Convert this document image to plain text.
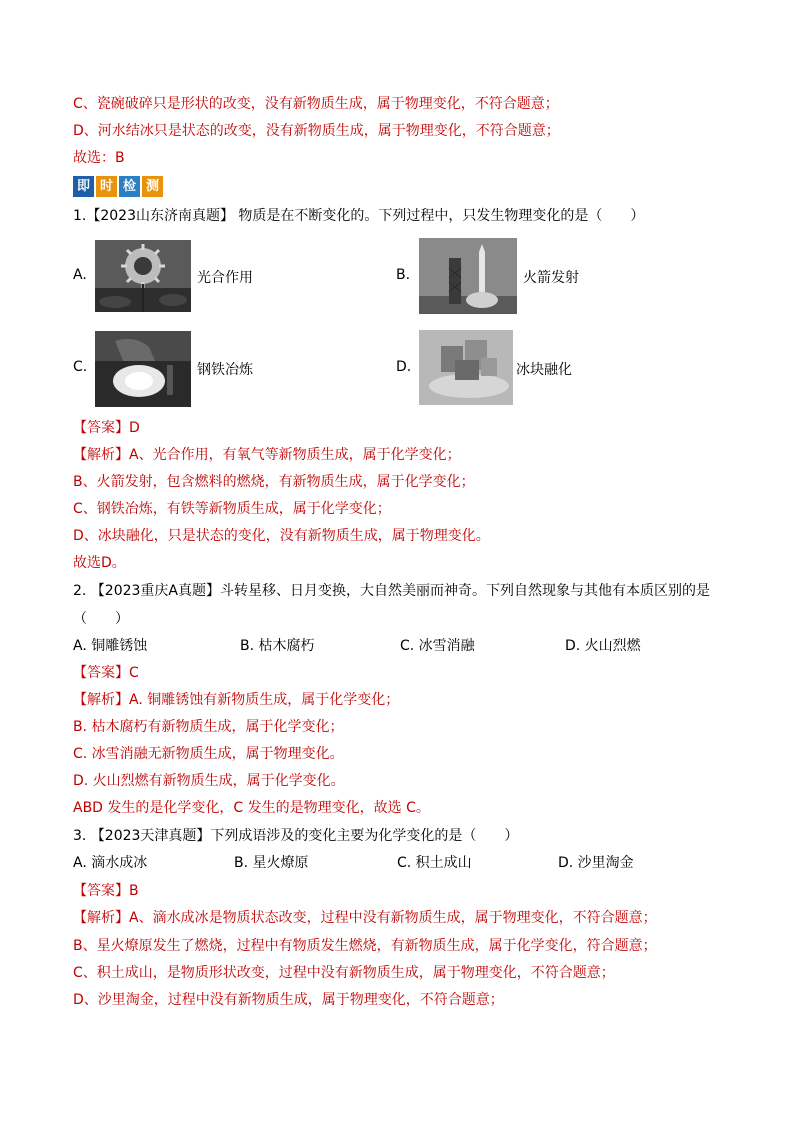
C、瓷碗破碎只是形状的改变，没有新物质生成，属于物理变化，不符合题意；
D、河水结冰只是状态的改变，没有新物质生成，属于物理变化，不符合题意；
故选：B
即 时 检 测
1.【2023山东济南真题】 物质是在不断变化的。下列过程中，只发生物理变化的是（　　）
A.	光合作用	B.	火箭发射
C.	钢铁冶炼	D.	冰块融化
【答案】D
【解析】A、光合作用，有氧气等新物质生成，属于化学变化；
B、火箭发射，包含燃料的燃烧，有新物质生成，属于化学变化；
C、钢铁冶炼，有铁等新物质生成，属于化学变化；
D、冰块融化，只是状态的变化，没有新物质生成，属于物理变化。
故选D。
2. 【2023重庆A真题】斗转星移、日月变换，大自然美丽而神奇。下列自然现象与其他有本质区别的是
（　　）
A. 铜雕锈蚀	B. 枯木腐朽	C. 冰雪消融	D. 火山烈燃
【答案】C
【解析】A. 铜雕锈蚀有新物质生成，属于化学变化；
B. 枯木腐朽有新物质生成，属于化学变化；
C. 冰雪消融无新物质生成，属于物理变化。
D. 火山烈燃有新物质生成，属于化学变化。
ABD 发生的是化学变化，C 发生的是物理变化，故选 C。
3. 【2023天津真题】下列成语涉及的变化主要为化学变化的是（　　）
A. 滴水成冰	B. 星火燎原	C. 积土成山	D. 沙里淘金
【答案】B
【解析】A、滴水成冰是物质状态改变，过程中没有新物质生成，属于物理变化，不符合题意；
B、星火燎原发生了燃烧，过程中有物质发生燃烧，有新物质生成，属于化学变化，符合题意；
C、积土成山，是物质形状改变，过程中没有新物质生成，属于物理变化，不符合题意；
D、沙里淘金，过程中没有新物质生成，属于物理变化，不符合题意；
